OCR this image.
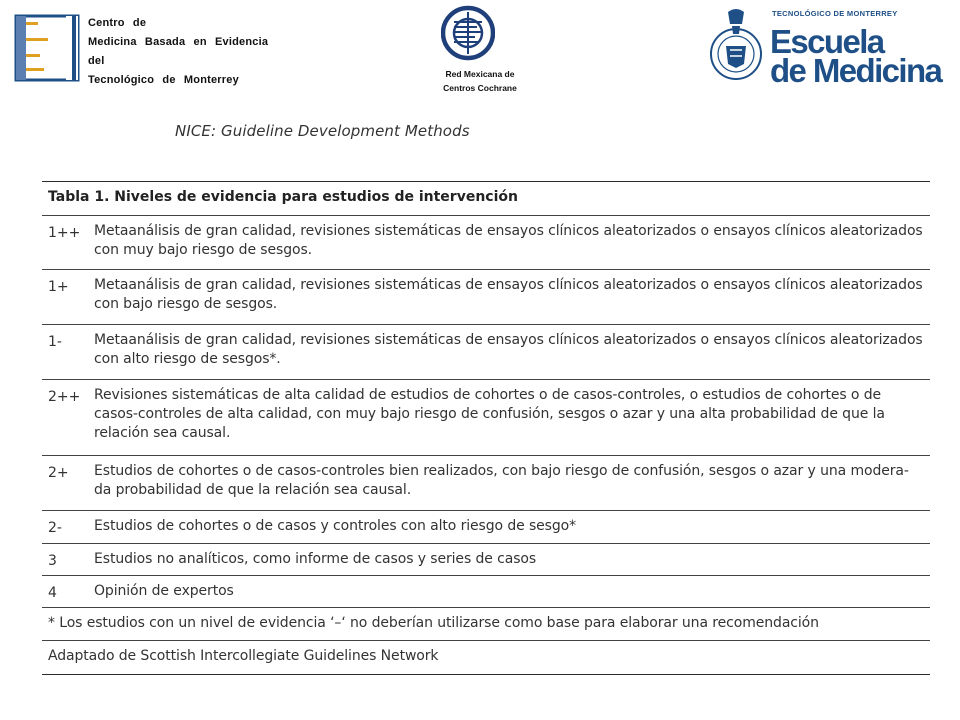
Centro de
Medicina Basada en Evidencia
del
Tecnológico de Monterrey	Red Mexicana de
Centros Cochrane
TECNOLÓGICO DE MONTERREY
Escuela
de Medicina
NICE: Guideline Development Methods
Tabla 1. Niveles de evidencia para estudios de intervención
1++ Metaanálisis de gran calidad, revisiones sistemáticas de ensayos clínicos aleatorizados o ensayos clínicos aleatorizados con muy bajo riesgo de sesgos.
1+	Metaanálisis de gran calidad, revisiones sistemáticas de ensayos clínicos aleatorizados o ensayos clínicos aleatorizados con bajo riesgo de sesgos.
1-	Metaanálisis de gran calidad, revisiones sistemáticas de ensayos clínicos aleatorizados o ensayos clínicos aleatorizados con alto riesgo de sesgos*.
2++ Revisiones sistemáticas de alta calidad de estudios de cohortes o de casos-controles, o estudios de cohortes o de casos-controles de alta calidad, con muy bajo riesgo de confusión, sesgos o azar y una alta probabilidad de que la relación sea causal.
2+	Estudios de cohortes o de casos-controles bien realizados, con bajo riesgo de confusión, sesgos o azar y una modera-da probabilidad de que la relación sea causal.
2-	Estudios de cohortes o de casos y controles con alto riesgo de sesgo*
3	Estudios no analíticos, como informe de casos y series de casos
4	Opinión de expertos
* Los estudios con un nivel de evidencia ‘–‘ no deberían utilizarse como base para elaborar una recomendación
Adaptado de Scottish Intercollegiate Guidelines Network
